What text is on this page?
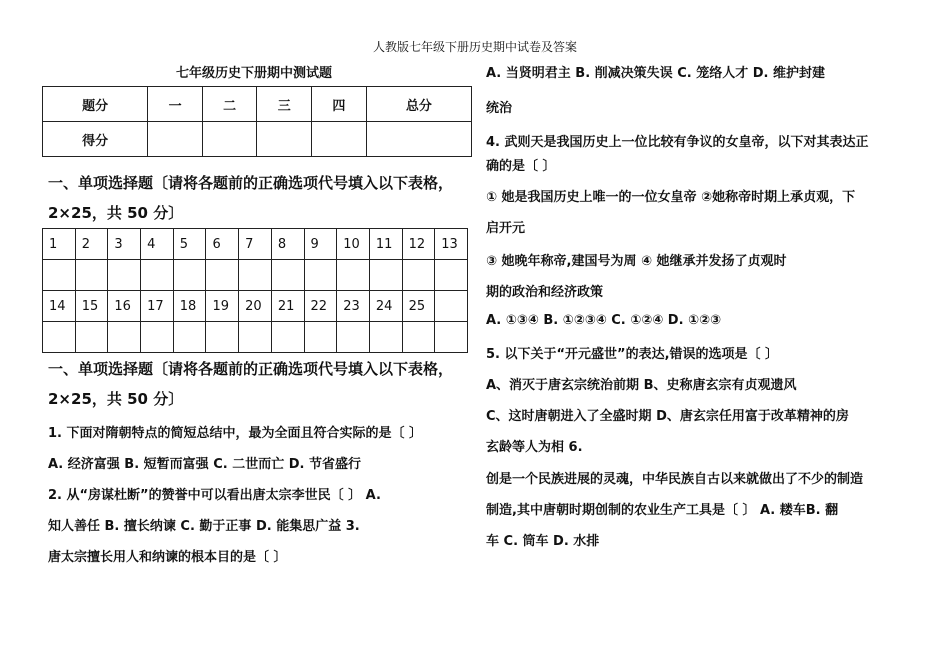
人教版七年级下册历史期中试卷及答案
七年级历史下册期中测试题
题分	一	二	三	四	总分
得分					
一、单项选择题〔请将各题前的正确选项代号填入以下表格，
2×25，共 50 分〕
1	2	3	4	5	6	7	8	9	10	11	12	13

14	15	16	17	18	19	20	21	22	23	24	25	

一、单项选择题〔请将各题前的正确选项代号填入以下表格，
2×25，共 50 分〕
1. 下面对隋朝特点的简短总结中，最为全面且符合实际的是〔 〕
A. 经济富强 B. 短暂而富强 C. 二世而亡 D. 节省盛行
2. 从“房谋杜断”的赞誉中可以看出唐太宗李世民〔 〕 A.
知人善任 B. 擅长纳谏 C. 勤于正事 D. 能集思广益 3.
唐太宗擅长用人和纳谏的根本目的是〔 〕
A. 当贤明君主 B. 削减决策失误 C. 笼络人才 D. 维护封建
统治
4. 武则天是我国历史上一位比较有争议的女皇帝，以下对其表达正
确的是〔 〕
① 她是我国历史上唯一的一位女皇帝 ②她称帝时期上承贞观，下
启开元
③ 她晚年称帝,建国号为周 ④ 她继承并发扬了贞观时
期的政治和经济政策
A. ①③④ B. ①②③④ C. ①②④ D. ①②③
5. 以下关于“开元盛世”的表达,错误的选项是〔 〕
A、消灭于唐玄宗统治前期 B、史称唐玄宗有贞观遗风
C、这时唐朝进入了全盛时期 D、唐玄宗任用富于改革精神的房
玄龄等人为相 6.
创是一个民族进展的灵魂，中华民族自古以来就做出了不少的制造
制造,其中唐朝时期创制的农业生产工具是〔 〕 A. 耧车B. 翻
车 C. 筒车 D. 水排
